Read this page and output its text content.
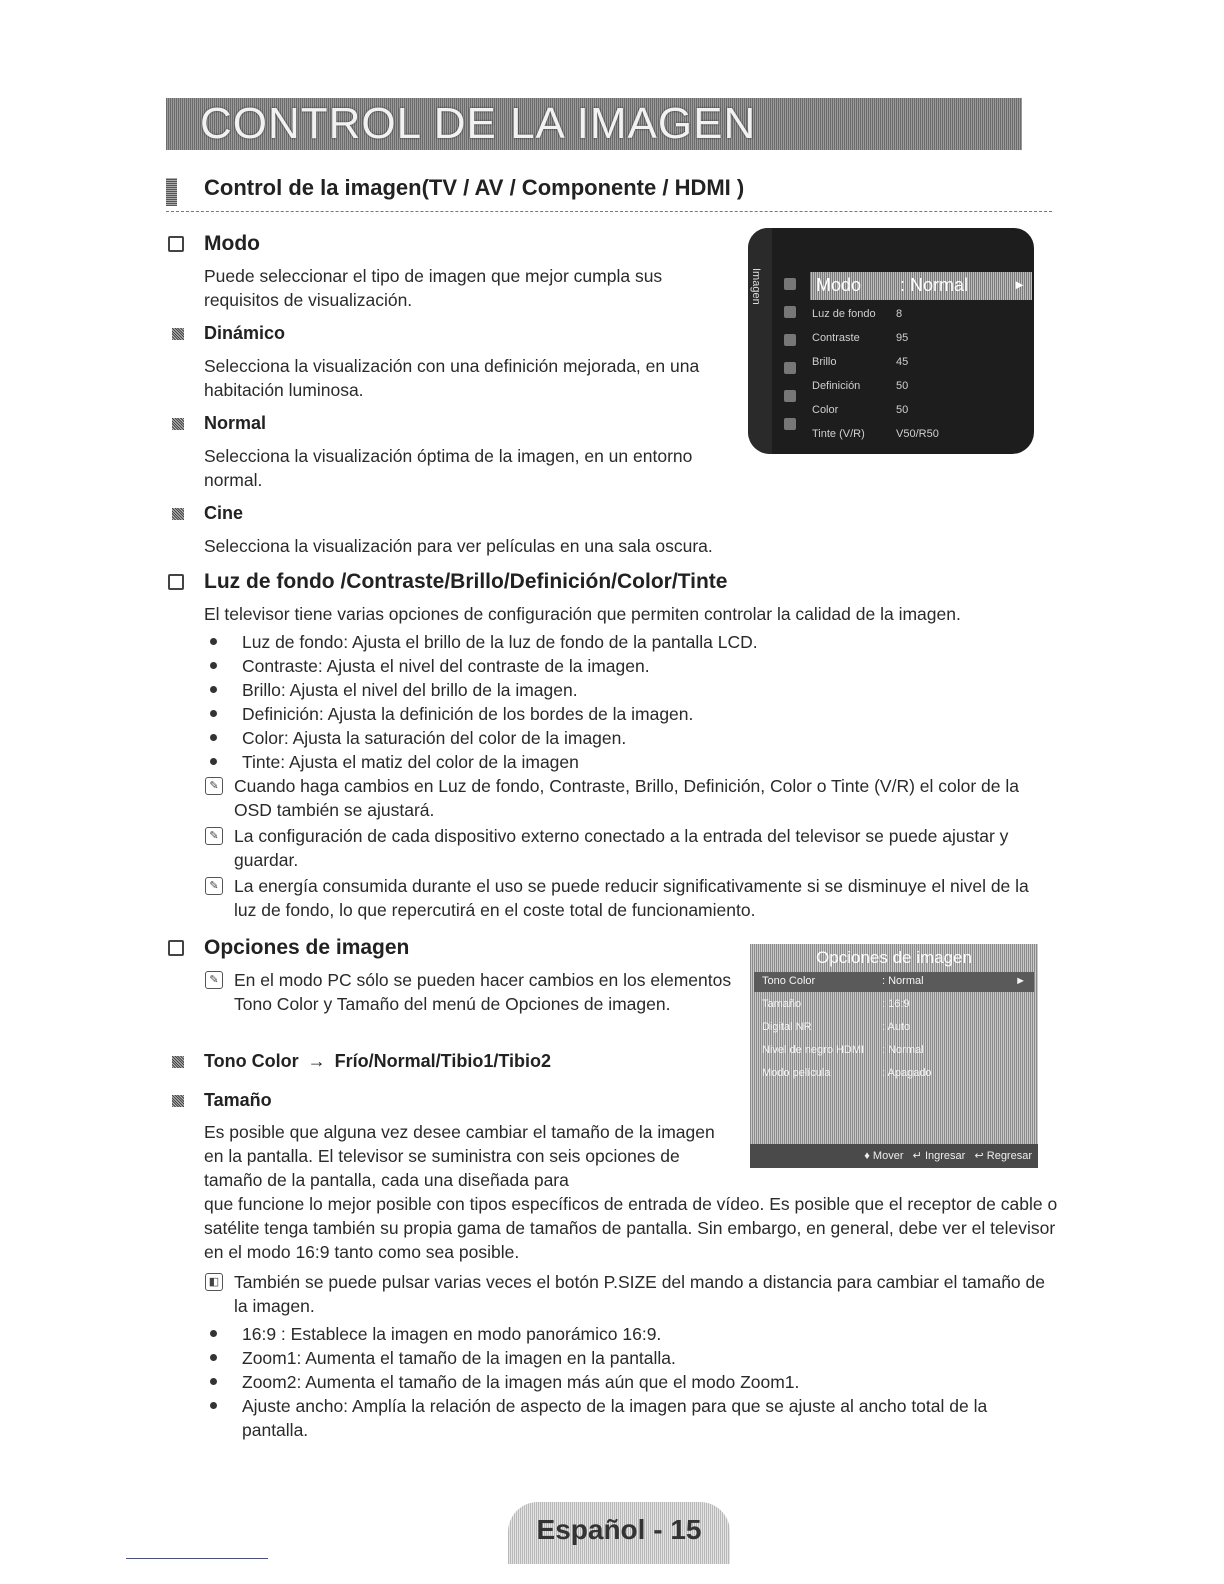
CONTROL DE LA IMAGEN
Control de la imagen(TV / AV / Componente / HDMI )
Modo
Puede seleccionar el tipo de imagen que mejor cumpla sus requisitos de visualización.
Dinámico
Selecciona la visualización con una definición mejorada, en una habitación luminosa.
Normal
Selecciona la visualización óptima de la imagen, en un entorno normal.
Cine
Selecciona la visualización para ver películas en una sala oscura.
Imagen	Modo : Normal	►
Luz de fondo 8
Contraste	95
Brillo	45
Definición	50
Color	50
Tinte (V/R)	V50/R50
Luz de fondo /Contraste/Brillo/Definición/Color/Tinte
El televisor tiene varias opciones de configuración que permiten controlar la calidad de la imagen.
Luz de fondo: Ajusta el brillo de la luz de fondo de la pantalla LCD.
Contraste: Ajusta el nivel del contraste de la imagen.
Brillo: Ajusta el nivel del brillo de la imagen.
Definición: Ajusta la definición de los bordes de la imagen.
Color: Ajusta la saturación del color de la imagen.
Tinte: Ajusta el matiz del color de la imagen
✎ Cuando haga cambios en Luz de fondo, Contraste, Brillo, Definición, Color o Tinte (V/R) el color de la OSD también se ajustará.
✎ La configuración de cada dispositivo externo conectado a la entrada del televisor se puede ajustar y guardar.
✎ La energía consumida durante el uso se puede reducir significativamente si se disminuye el nivel de la luz de fondo, lo que repercutirá en el coste total de funcionamiento.
Opciones de imagen
✎ En el modo PC sólo se pueden hacer cambios en los elementos Tono Color y Tamaño del menú de Opciones de imagen.
Tono Color → Frío/Normal/Tibio1/Tibio2
Tamaño
Es posible que alguna vez desee cambiar el tamaño de la imagen en la pantalla. El televisor se suministra con seis opciones de tamaño de la pantalla, cada una diseñada para
que funcione lo mejor posible con tipos específicos de entrada de vídeo. Es posible que el receptor de cable o satélite tenga también su propia gama de tamaños de pantalla. Sin embargo, en general, debe ver el televisor en el modo 16:9 tanto como sea posible.
◧ También se puede pulsar varias veces el botón P.SIZE del mando a distancia para cambiar el tamaño de la imagen.
16:9 : Establece la imagen en modo panorámico 16:9.
Zoom1: Aumenta el tamaño de la imagen en la pantalla.
Zoom2: Aumenta el tamaño de la imagen más aún que el modo Zoom1.
Ajuste ancho: Amplía la relación de aspecto de la imagen para que se ajuste al ancho total de la pantalla.
Opciones de imagen
Tono Color	: Normal	►
Tamaño	: 16:9
Digital NR	: Auto
Nivel de negro HDMI : Normal
Modo película	: Apagado
♦ Mover ↵ Ingresar ↩ Regresar
Español - 15
